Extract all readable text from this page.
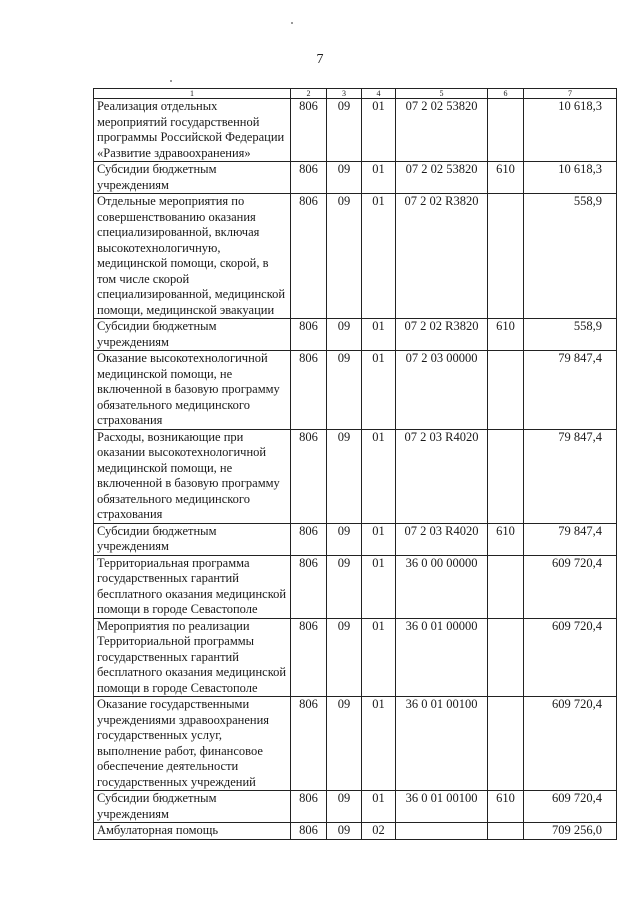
7
1	2	3	4	5	6	7
Реализация отдельных мероприятий государственной программы Российской Федерации «Развитие здравоохранения»	806	09	01	07 2 02 53820		10 618,3
Субсидии бюджетным учреждениям	806	09	01	07 2 02 53820	610	10 618,3
Отдельные мероприятия по совершенствованию оказания специализированной, включая высокотехнологичную, медицинской помощи, скорой, в том числе скорой специализированной, медицинской помощи, медицинской эвакуации	806	09	01	07 2 02 R3820		558,9
Субсидии бюджетным учреждениям	806	09	01	07 2 02 R3820	610	558,9
Оказание высокотехнологичной медицинской помощи, не включенной в базовую программу обязательного медицинского страхования	806	09	01	07 2 03 00000		79 847,4
Расходы, возникающие при оказании высокотехнологичной медицинской помощи, не включенной в базовую программу обязательного медицинского страхования	806	09	01	07 2 03 R4020		79 847,4
Субсидии бюджетным учреждениям	806	09	01	07 2 03 R4020	610	79 847,4
Территориальная программа государственных гарантий бесплатного оказания медицинской помощи в городе Севастополе	806	09	01	36 0 00 00000		609 720,4
Мероприятия по реализации Территориальной программы государственных гарантий бесплатного оказания медицинской помощи в городе Севастополе	806	09	01	36 0 01 00000		609 720,4
Оказание государственными учреждениями здравоохранения государственных услуг, выполнение работ, финансовое обеспечение деятельности государственных учреждений	806	09	01	36 0 01 00100		609 720,4
Субсидии бюджетным учреждениям	806	09	01	36 0 01 00100	610	609 720,4
Амбулаторная помощь	806	09	02			709 256,0
